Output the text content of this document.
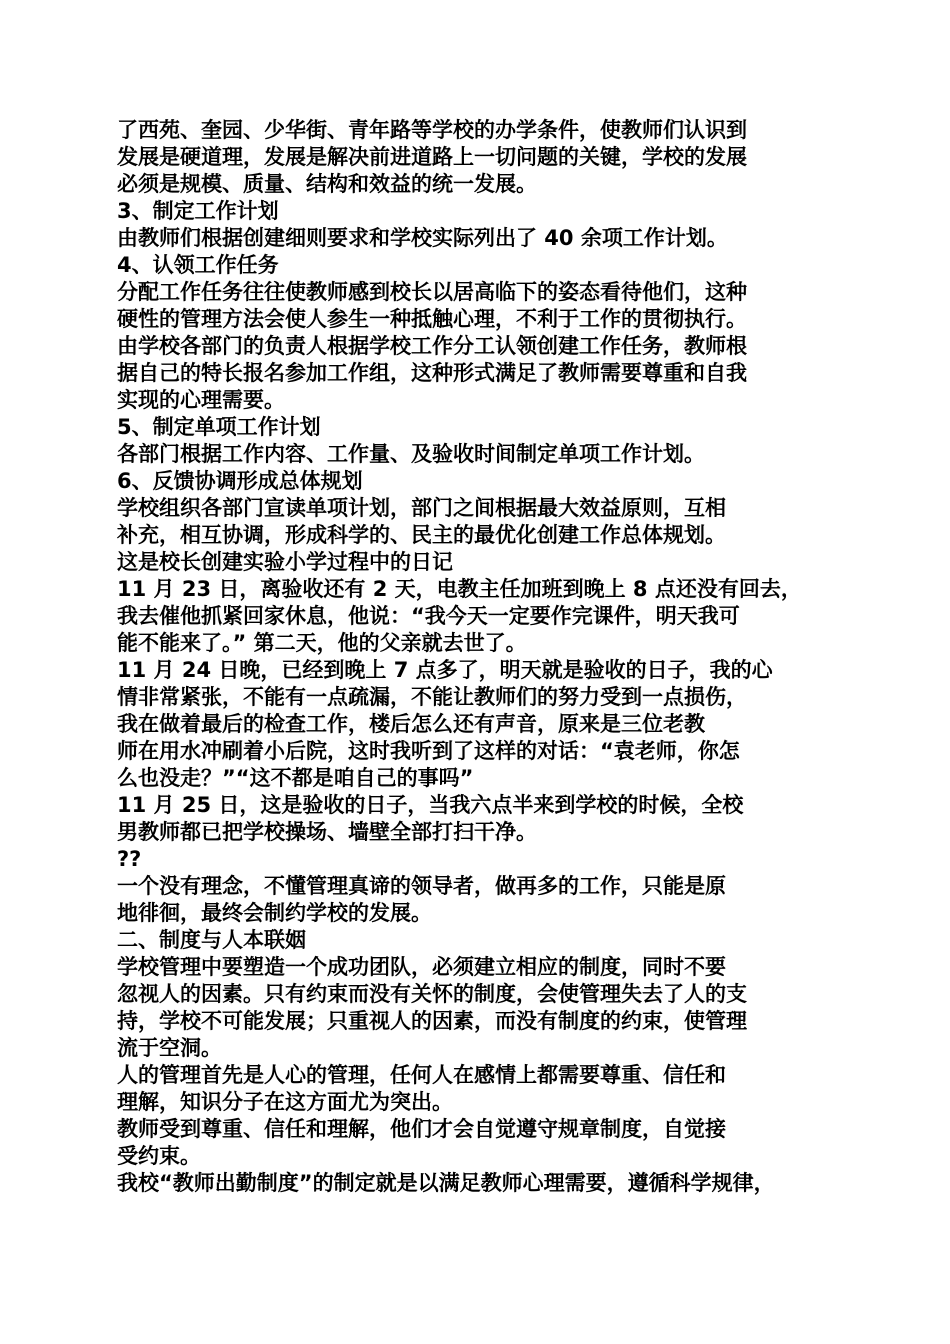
了西苑、奎园、少华街、青年路等学校的办学条件，使教师们认识到
发展是硬道理，发展是解决前进道路上一切问题的关键，学校的发展
必须是规模、质量、结构和效益的统一发展。
3、制定工作计划
由教师们根据创建细则要求和学校实际列出了 40 余项工作计划。
4、认领工作任务
分配工作任务往往使教师感到校长以居高临下的姿态看待他们，这种
硬性的管理方法会使人参生一种抵触心理，不利于工作的贯彻执行。
由学校各部门的负责人根据学校工作分工认领创建工作任务，教师根
据自己的特长报名参加工作组，这种形式满足了教师需要尊重和自我
实现的心理需要。
5、制定单项工作计划
各部门根据工作内容、工作量、及验收时间制定单项工作计划。
6、反馈协调形成总体规划
学校组织各部门宣读单项计划，部门之间根据最大效益原则，互相
补充，相互协调，形成科学的、民主的最优化创建工作总体规划。
这是校长创建实验小学过程中的日记
11 月 23 日，离验收还有 2 天，电教主任加班到晚上 8 点还没有回去，
我去催他抓紧回家休息，他说：“我今天一定要作完课件，明天我可
能不能来了。” 第二天，他的父亲就去世了。
11 月 24 日晚，已经到晚上 7 点多了，明天就是验收的日子，我的心
情非常紧张，不能有一点疏漏，不能让教师们的努力受到一点损伤，
我在做着最后的检查工作，楼后怎么还有声音，原来是三位老教
师在用水冲刷着小后院，这时我听到了这样的对话：“袁老师，你怎
么也没走？”“这不都是咱自己的事吗”
11 月 25 日，这是验收的日子，当我六点半来到学校的时候，全校
男教师都已把学校操场、墙壁全部打扫干净。
??
一个没有理念，不懂管理真谛的领导者，做再多的工作，只能是原
地徘徊，最终会制约学校的发展。
二、制度与人本联姻
学校管理中要塑造一个成功团队，必须建立相应的制度，同时不要
忽视人的因素。只有约束而没有关怀的制度，会使管理失去了人的支
持，学校不可能发展；只重视人的因素，而没有制度的约束，使管理
流于空洞。
人的管理首先是人心的管理，任何人在感情上都需要尊重、信任和
理解，知识分子在这方面尤为突出。
教师受到尊重、信任和理解，他们才会自觉遵守规章制度，自觉接
受约束。
我校“教师出勤制度”的制定就是以满足教师心理需要，遵循科学规律，
